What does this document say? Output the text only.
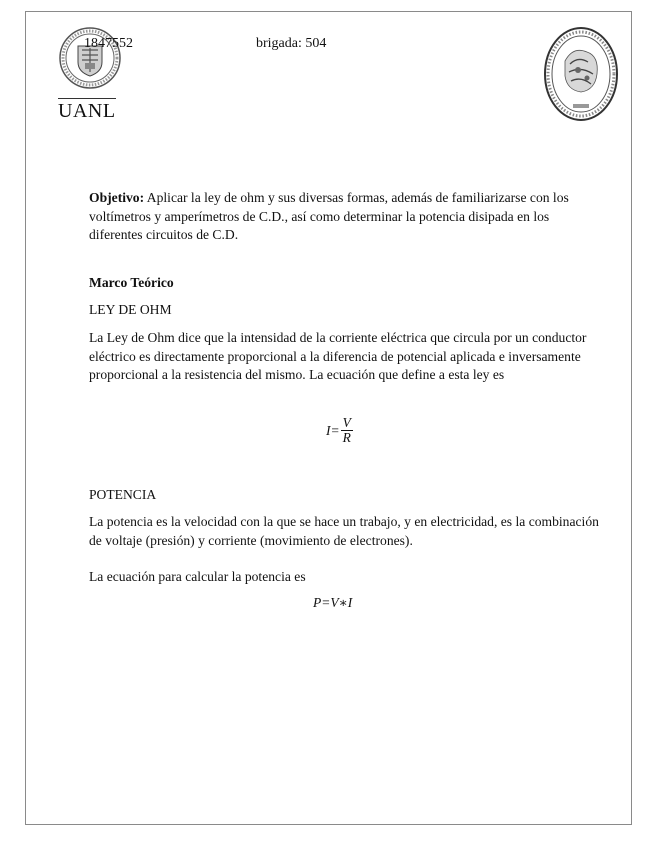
UANL
1847552	brigada: 504
Objetivo: Aplicar la ley de ohm y sus diversas formas, además de familiarizarse con los voltímetros y amperímetros de C.D., así como determinar la potencia disipada en los diferentes circuitos de C.D.
Marco Teórico
LEY DE OHM
La Ley de Ohm dice que la intensidad de la corriente eléctrica que circula por un conductor eléctrico es directamente proporcional a la diferencia de potencial aplicada e inversamente proporcional a la resistencia del mismo. La ecuación que define a esta ley es
$I= \frac{V}{R}$
POTENCIA
La potencia es la velocidad con la que se hace un trabajo, y en electricidad, es la combinación de voltaje (presión) y corriente (movimiento de electrones).
La ecuación para calcular la potencia es
P=V∗I
